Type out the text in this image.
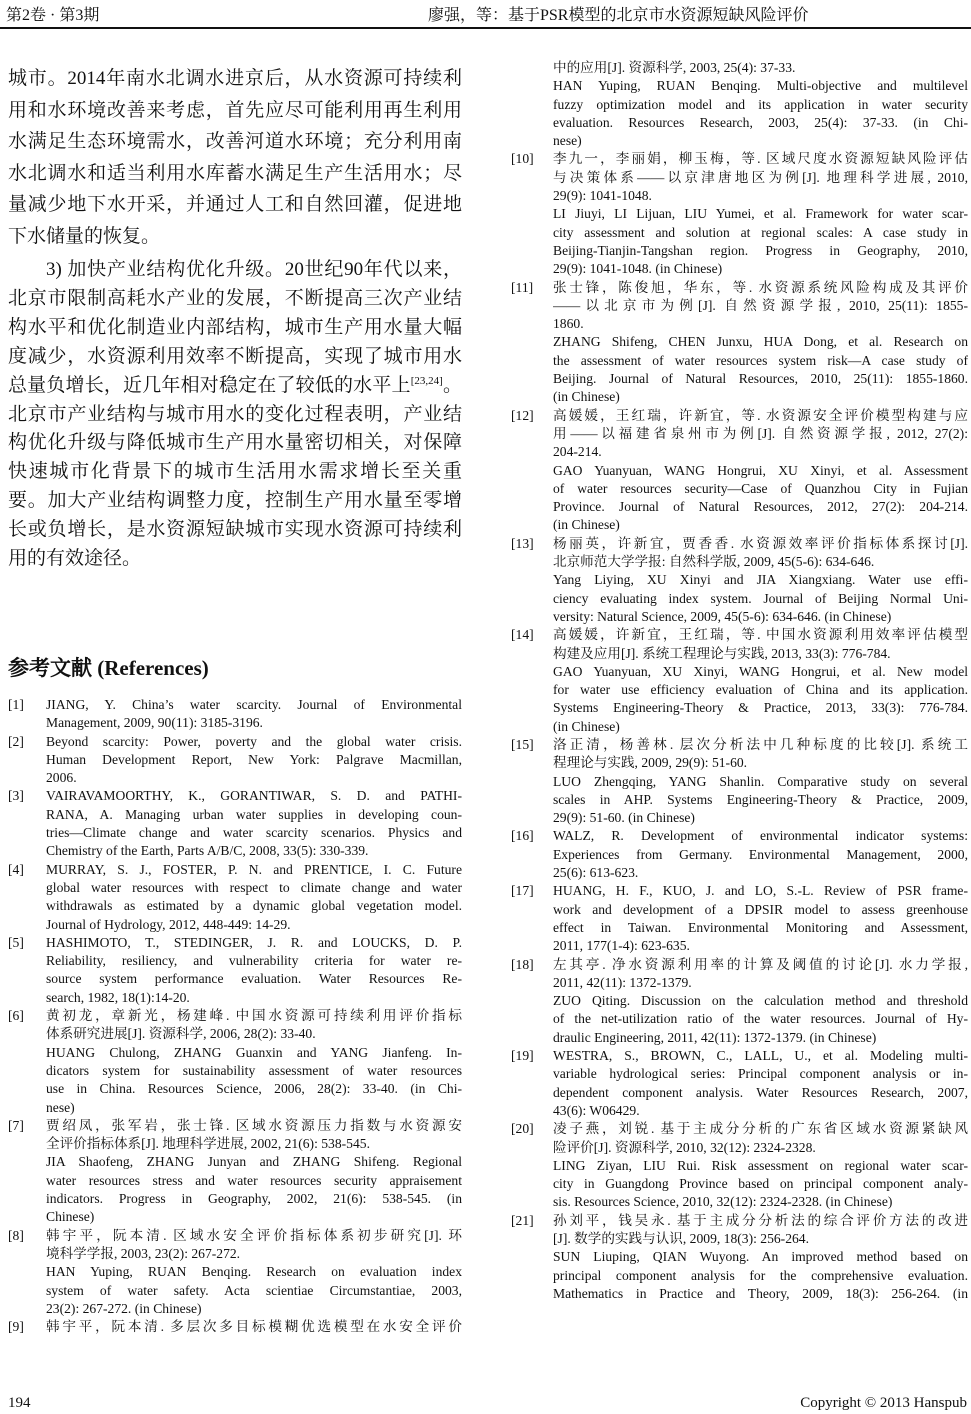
第2卷 · 第3期	廖强，等：基于PSR模型的北京市水资源短缺风险评价
城市。2014年南水北调水进京后，从水资源可持续利
用和水环境改善来考虑，首先应尽可能利用再生利用
水满足生态环境需水，改善河道水环境；充分利用南
水北调水和适当利用水库蓄水满足生产生活用水；尽
量减少地下水开采，并通过人工和自然回灌，促进地
下水储量的恢复。
3) 加快产业结构优化升级。20世纪90年代以来，
北京市限制高耗水产业的发展，不断提高三次产业结
构水平和优化制造业内部结构，城市生产用水量大幅
度减少，水资源利用效率不断提高，实现了城市用水
总量负增长，近几年相对稳定在了较低的水平上[23,24]。
北京市产业结构与城市用水的变化过程表明，产业结
构优化升级与降低城市生产用水量密切相关，对保障
快速城市化背景下的城市生活用水需求增长至关重
要。加大产业结构调整力度，控制生产用水量至零增
长或负增长，是水资源短缺城市实现水资源可持续利
用的有效途径。
参考文献 (References)
[1] JIANG, Y. China’s water scarcity. Journal of Environmental
Management, 2009, 90(11): 3185-3196.
[2] Beyond scarcity: Power, poverty and the global water crisis.
Human Development Report, New York: Palgrave Macmillan,
2006.
[3] VAIRAVAMOORTHY, K., GORANTIWAR, S. D. and PATHI-
RANA, A. Managing urban water supplies in developing coun-
tries—Climate change and water scarcity scenarios. Physics and
Chemistry of the Earth, Parts A/B/C, 2008, 33(5): 330-339.
[4] MURRAY, S. J., FOSTER, P. N. and PRENTICE, I. C. Future
global water resources with respect to climate change and water
withdrawals as estimated by a dynamic global vegetation model.
Journal of Hydrology, 2012, 448-449: 14-29.
[5] HASHIMOTO, T., STEDINGER, J. R. and LOUCKS, D. P.
Reliability, resiliency, and vulnerability criteria for water re-
source system performance evaluation. Water Resources Re-
search, 1982, 18(1):14-20.
[6] 黄初龙，章新光，杨建峰. 中国水资源可持续利用评价指标
体系研究进展[J]. 资源科学, 2006, 28(2): 33-40.
HUANG Chulong, ZHANG Guanxin and YANG Jianfeng. In-
dicators system for sustainability assessment of water resources
use in China. Resources Science, 2006, 28(2): 33-40. (in Chi-
nese)
[7] 贾绍凤，张军岩，张士锋. 区域水资源压力指数与水资源安
全评价指标体系[J]. 地理科学进展, 2002, 21(6): 538-545.
JIA Shaofeng, ZHANG Junyan and ZHANG Shifeng. Regional
water resources stress and water resources security appraisement
indicators. Progress in Geography, 2002, 21(6): 538-545. (in
Chinese)
[8] 韩宇平，阮本清. 区域水安全评价指标体系初步研究[J]. 环
境科学学报, 2003, 23(2): 267-272.
HAN Yuping, RUAN Benqing. Research on evaluation index
system of water safety. Acta scientiae Circumstantiae, 2003,
23(2): 267-272. (in Chinese)
[9] 韩宇平，阮本清. 多层次多目标模糊优选模型在水安全评价
中的应用[J]. 资源科学, 2003, 25(4): 37-33.
HAN Yuping, RUAN Benqing. Multi-objective and multilevel
fuzzy optimization model and its application in water security
evaluation. Resources Research, 2003, 25(4): 37-33. (in Chi-
nese)
[10] 李九一，李丽娟，柳玉梅，等. 区域尺度水资源短缺风险评估
与决策体系——以京津唐地区为例[J]. 地理科学进展, 2010,
29(9): 1041-1048.
LI Jiuyi, LI Lijuan, LIU Yumei, et al. Framework for water scar-
city assessment and solution at regional scales: A case study in
Beijing-Tianjin-Tangshan region. Progress in Geography, 2010,
29(9): 1041-1048. (in Chinese)
[11] 张士锋，陈俊旭，华东，等. 水资源系统风险构成及其评价
——以北京市为例[J]. 自然资源学报, 2010, 25(11): 1855-
1860.
ZHANG Shifeng, CHEN Junxu, HUA Dong, et al. Research on
the assessment of water resources system risk—A case study of
Beijing. Journal of Natural Resources, 2010, 25(11): 1855-1860.
(in Chinese)
[12] 高媛媛，王红瑞，许新宜，等. 水资源安全评价模型构建与应
用——以福建省泉州市为例[J]. 自然资源学报, 2012, 27(2):
204-214.
GAO Yuanyuan, WANG Hongrui, XU Xinyi, et al. Assessment
of water resources security—Case of Quanzhou City in Fujian
Province. Journal of Natural Resources, 2012, 27(2): 204-214.
(in Chinese)
[13] 杨丽英，许新宜，贾香香. 水资源效率评价指标体系探讨[J].
北京师范大学学报: 自然科学版, 2009, 45(5-6): 634-646.
Yang Liying, XU Xinyi and JIA Xiangxiang. Water use effi-
ciency evaluating index system. Journal of Beijing Normal Uni-
versity: Natural Science, 2009, 45(5-6): 634-646. (in Chinese)
[14] 高媛媛，许新宜，王红瑞，等. 中国水资源利用效率评估模型
构建及应用[J]. 系统工程理论与实践, 2013, 33(3): 776-784.
GAO Yuanyuan, XU Xinyi, WANG Hongrui, et al. New model
for water use efficiency evaluation of China and its application.
Systems Engineering-Theory & Practice, 2013, 33(3): 776-784.
(in Chinese)
[15] 洛正清，杨善林. 层次分析法中几种标度的比较[J]. 系统工
程理论与实践, 2009, 29(9): 51-60.
LUO Zhengqing, YANG Shanlin. Comparative study on several
scales in AHP. Systems Engineering-Theory & Practice, 2009,
29(9): 51-60. (in Chinese)
[16] WALZ, R. Development of environmental indicator systems:
Experiences from Germany. Environmental Management, 2000,
25(6): 613-623.
[17] HUANG, H. F., KUO, J. and LO, S.-L. Review of PSR frame-
work and development of a DPSIR model to assess greenhouse
effect in Taiwan. Environmental Monitoring and Assessment,
2011, 177(1-4): 623-635.
[18] 左其亭. 净水资源利用率的计算及阈值的讨论[J]. 水力学报,
2011, 42(11): 1372-1379.
ZUO Qiting. Discussion on the calculation method and threshold
of the net-utilization ratio of the water resources. Journal of Hy-
draulic Engineering, 2011, 42(11): 1372-1379. (in Chinese)
[19] WESTRA, S., BROWN, C., LALL, U., et al. Modeling multi-
variable hydrological series: Principal component analysis or in-
dependent component analysis. Water Resources Research, 2007,
43(6): W06429.
[20] 凌子燕，刘锐. 基于主成分分析的广东省区域水资源紧缺风
险评价[J]. 资源科学, 2010, 32(12): 2324-2328.
LING Ziyan, LIU Rui. Risk assessment on regional water scar-
city in Guangdong Province based on principal component analy-
sis. Resources Science, 2010, 32(12): 2324-2328. (in Chinese)
[21] 孙刘平，钱吴永. 基于主成分分析法的综合评价方法的改进
[J]. 数学的实践与认识, 2009, 18(3): 256-264.
SUN Liuping, QIAN Wuyong. An improved method based on
principal component analysis for the comprehensive evaluation.
Mathematics in Practice and Theory, 2009, 18(3): 256-264. (in
194	Copyright © 2013 Hanspub
